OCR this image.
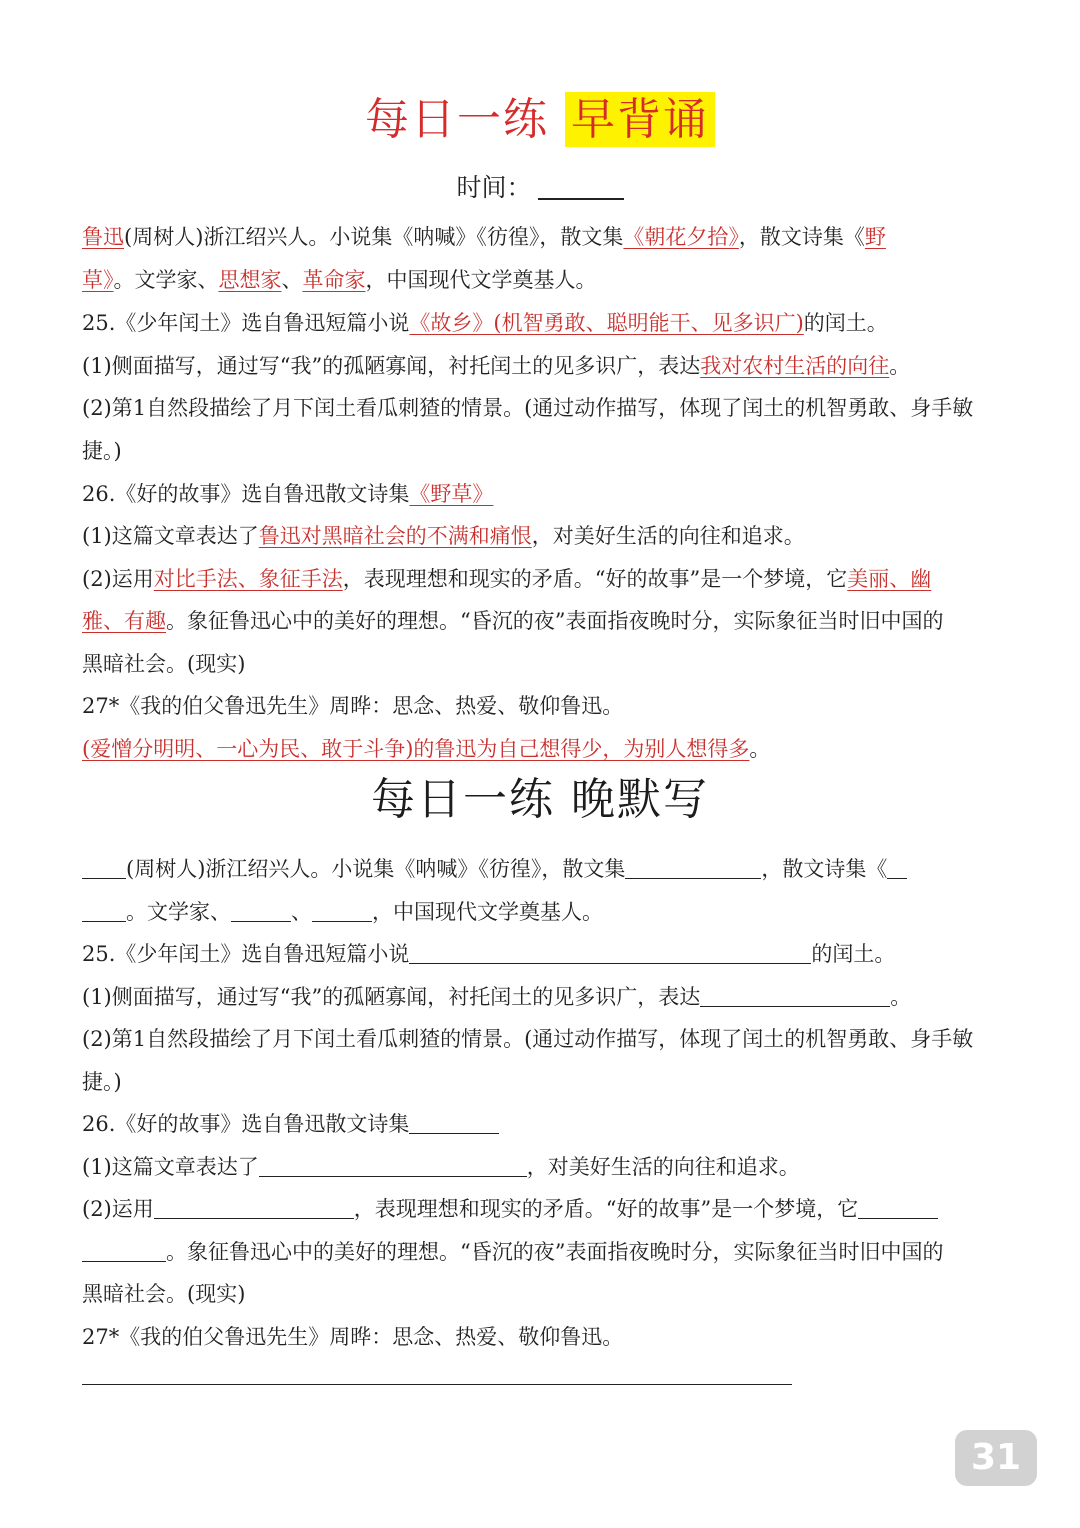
每日一练 早背诵
时间：
鲁迅(周树人)浙江绍兴人。小说集《呐喊》《彷徨》，散文集《朝花夕拾》，散文诗集《野
草》。文学家、思想家、革命家，中国现代文学奠基人。
25.《少年闰土》选自鲁迅短篇小说《故乡》(机智勇敢、聪明能干、见多识广)的闰土。
(1)侧面描写，通过写“我”的孤陋寡闻，衬托闰土的见多识广，表达我对农村生活的向往。
(2)第1自然段描绘了月下闰土看瓜刺猹的情景。(通过动作描写，体现了闰土的机智勇敢、身手敏
捷。)
26.《好的故事》选自鲁迅散文诗集《野草》
(1)这篇文章表达了鲁迅对黑暗社会的不满和痛恨，对美好生活的向往和追求。
(2)运用对比手法、象征手法，表现理想和现实的矛盾。“好的故事”是一个梦境，它美丽、幽
雅、有趣。象征鲁迅心中的美好的理想。“昏沉的夜”表面指夜晚时分，实际象征当时旧中国的
黑暗社会。(现实)
27*《我的伯父鲁迅先生》周晔：思念、热爱、敬仰鲁迅。
(爱憎分明明、一心为民、敢于斗争)的鲁迅为自己想得少，为别人想得多。
每日一练 晚默写
(周树人)浙江绍兴人。小说集《呐喊》《彷徨》，散文集	，散文诗集《
。文学家、	、	，中国现代文学奠基人。
25.《少年闰土》选自鲁迅短篇小说	的闰土。
(1)侧面描写，通过写“我”的孤陋寡闻，衬托闰土的见多识广，表达	。
(2)第1自然段描绘了月下闰土看瓜刺猹的情景。(通过动作描写，体现了闰土的机智勇敢、身手敏
捷。)
26.《好的故事》选自鲁迅散文诗集
(1)这篇文章表达了	，对美好生活的向往和追求。
(2)运用	，表现理想和现实的矛盾。“好的故事”是一个梦境，它
。象征鲁迅心中的美好的理想。“昏沉的夜”表面指夜晚时分，实际象征当时旧中国的
黑暗社会。(现实)
27*《我的伯父鲁迅先生》周晔：思念、热爱、敬仰鲁迅。
31
